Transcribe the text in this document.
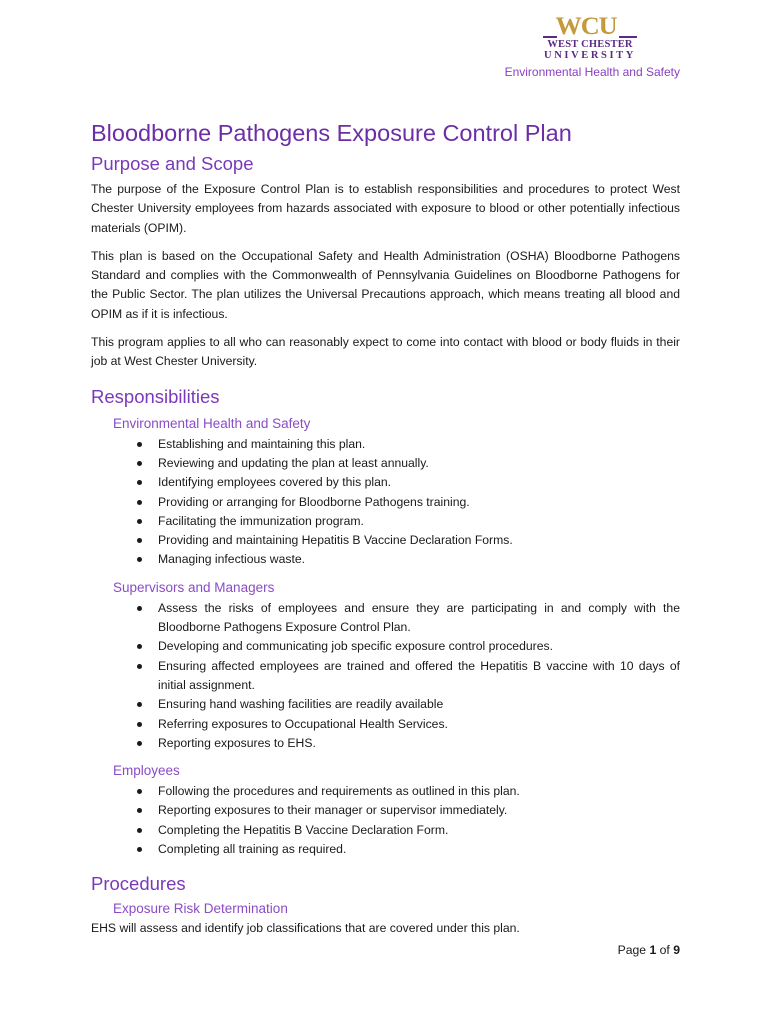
WCU
WEST CHESTER
UNIVERSITY
Environmental Health and Safety
Bloodborne Pathogens Exposure Control Plan
Purpose and Scope

The purpose of the Exposure Control Plan is to establish responsibilities and procedures to protect West Chester University employees from hazards associated with exposure to blood or other potentially infectious materials (OPIM).

This plan is based on the Occupational Safety and Health Administration (OSHA) Bloodborne Pathogens Standard and complies with the Commonwealth of Pennsylvania Guidelines on Bloodborne Pathogens for the Public Sector. The plan utilizes the Universal Precautions approach, which means treating all blood and OPIM as if it is infectious.

This program applies to all who can reasonably expect to come into contact with blood or body fluids in their job at West Chester University.

Responsibilities
Environmental Health and Safety
Establishing and maintaining this plan.
Reviewing and updating the plan at least annually.
Identifying employees covered by this plan.
Providing or arranging for Bloodborne Pathogens training.
Facilitating the immunization program.
Providing and maintaining Hepatitis B Vaccine Declaration Forms.
Managing infectious waste.
Supervisors and Managers
Assess the risks of employees and ensure they are participating in and comply with the Bloodborne Pathogens Exposure Control Plan.
Developing and communicating job specific exposure control procedures.
Ensuring affected employees are trained and offered the Hepatitis B vaccine with 10 days of initial assignment.
Ensuring hand washing facilities are readily available
Referring exposures to Occupational Health Services.
Reporting exposures to EHS.
Employees
Following the procedures and requirements as outlined in this plan.
Reporting exposures to their manager or supervisor immediately.
Completing the Hepatitis B Vaccine Declaration Form.
Completing all training as required.
Procedures
Exposure Risk Determination

EHS will assess and identify job classifications that are covered under this plan.

Page 1 of 9
